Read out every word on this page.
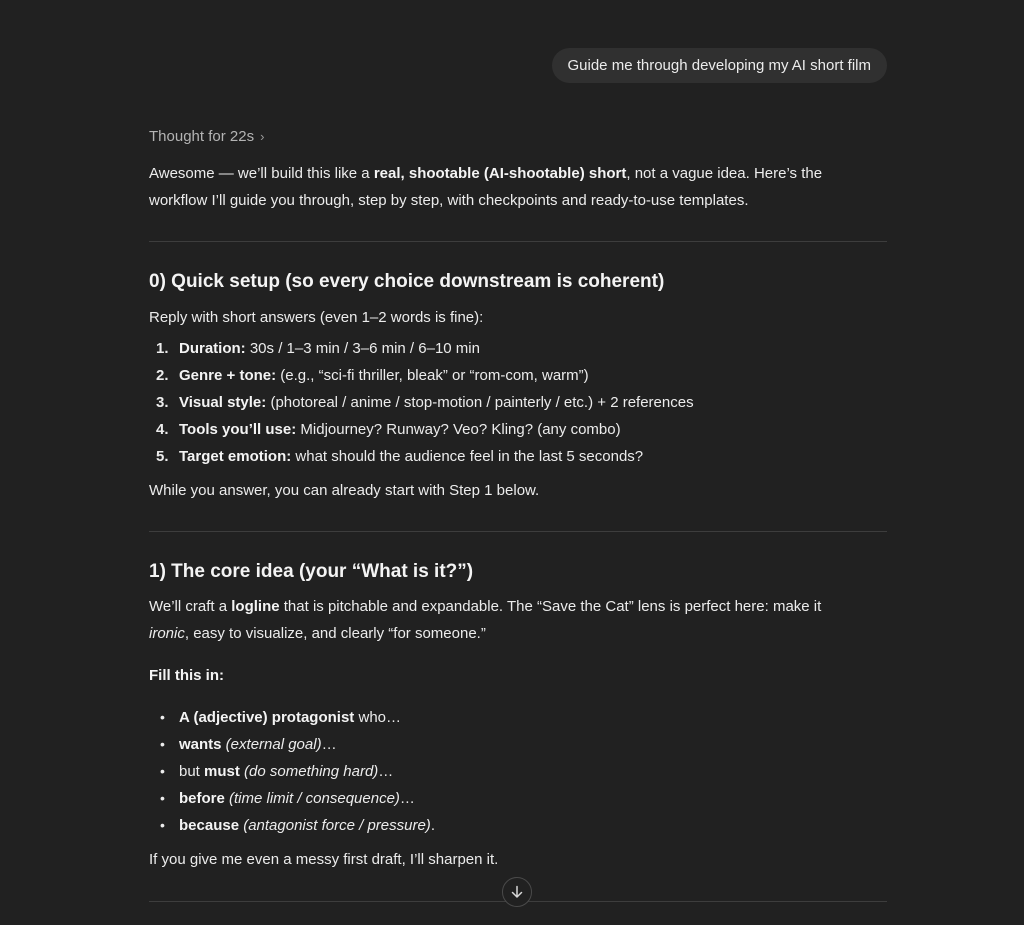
Guide me through developing my AI short film
Thought for 22s ›
Awesome — we’ll build this like a real, shootable (AI-shootable) short, not a vague idea. Here’s the
workflow I’ll guide you through, step by step, with checkpoints and ready-to-use templates.
0) Quick setup (so every choice downstream is coherent)
Reply with short answers (even 1–2 words is fine):
1. Duration: 30s / 1–3 min / 3–6 min / 6–10 min
2. Genre + tone: (e.g., “sci-fi thriller, bleak” or “rom-com, warm”)
3. Visual style: (photoreal / anime / stop-motion / painterly / etc.) + 2 references
4. Tools you’ll use: Midjourney? Runway? Veo? Kling? (any combo)
5. Target emotion: what should the audience feel in the last 5 seconds?
While you answer, you can already start with Step 1 below.
1) The core idea (your “What is it?”)
We’ll craft a logline that is pitchable and expandable. The “Save the Cat” lens is perfect here: make it
ironic, easy to visualize, and clearly “for someone.”
Fill this in:
• A (adjective) protagonist who…
• wants (external goal)…
• but must (do something hard)…
• before (time limit / consequence)…
• because (antagonist force / pressure).
If you give me even a messy first draft, I’ll sharpen it.
